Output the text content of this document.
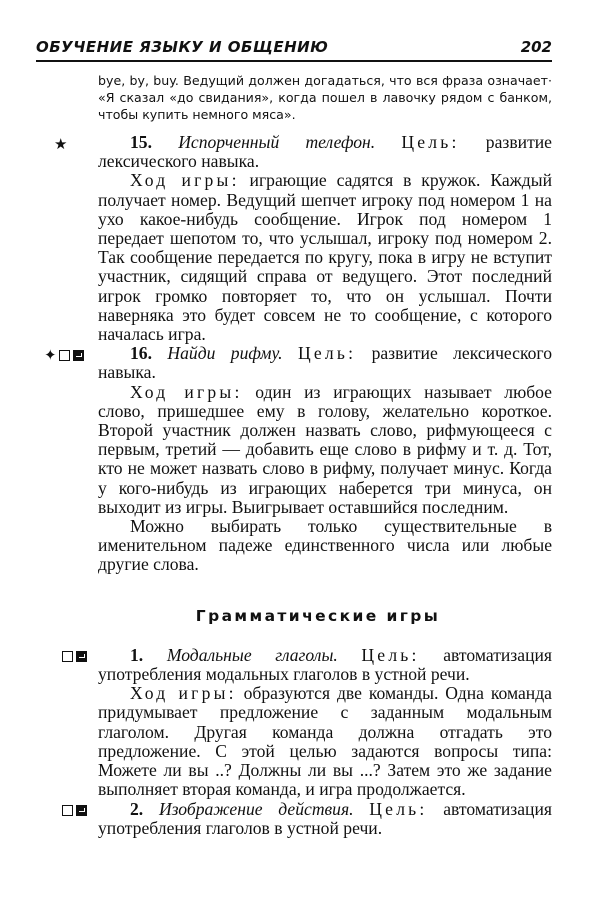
ОБУЧЕНИЕ ЯЗЫКУ И ОБЩЕНИЮ	202

bye, by, buy. Ведущий должен догадаться, что вся фраза означает· «Я сказал «до свидания», когда пошел в лавочку рядом с банком, чтобы купить немного мяса».

★	15. Испорченный телефон. Цель: развитие лексического навыка.

Ход игры: играющие садятся в кружок. Каждый получает номер. Ведущий шепчет игроку под номером 1 на ухо какое-нибудь сообщение. Игрок под номером 1 передает шепотом то, что услышал, игроку под номером 2. Так сообщение передается по кругу, пока в игру не вступит участник, сидящий справа от ведущего. Этот последний игрок громко повторяет то, что он услышал. Почти наверняка это будет совсем не то сообщение, с которого началась игра.

✦	16. Найди рифму. Цель: развитие лексического навыка.

Ход игры: один из играющих называет любое слово, пришедшее ему в голову, желательно короткое. Второй участник должен назвать слово, рифмующееся с первым, третий — добавить еще слово в рифму и т. д. Тот, кто не может назвать слово в рифму, получает минус. Когда у кого-нибудь из играющих наберется три минуса, он выходит из игры. Выигрывает оставшийся последним.

Можно выбирать только существительные в именительном падеже единственного числа или любые другие слова.

Грамматические игры

1. Модальные глаголы. Цель: автоматизация употребления модальных глаголов в устной речи.

Ход игры: образуются две команды. Одна команда придумывает предложение с заданным модальным глаголом. Другая команда должна отгадать это предложение. С этой целью задаются вопросы типа: Можете ли вы ..? Должны ли вы ...? Затем это же задание выполняет вторая команда, и игра продолжается.

2. Изображение действия. Цель: автоматизация употребления глаголов в устной речи.
